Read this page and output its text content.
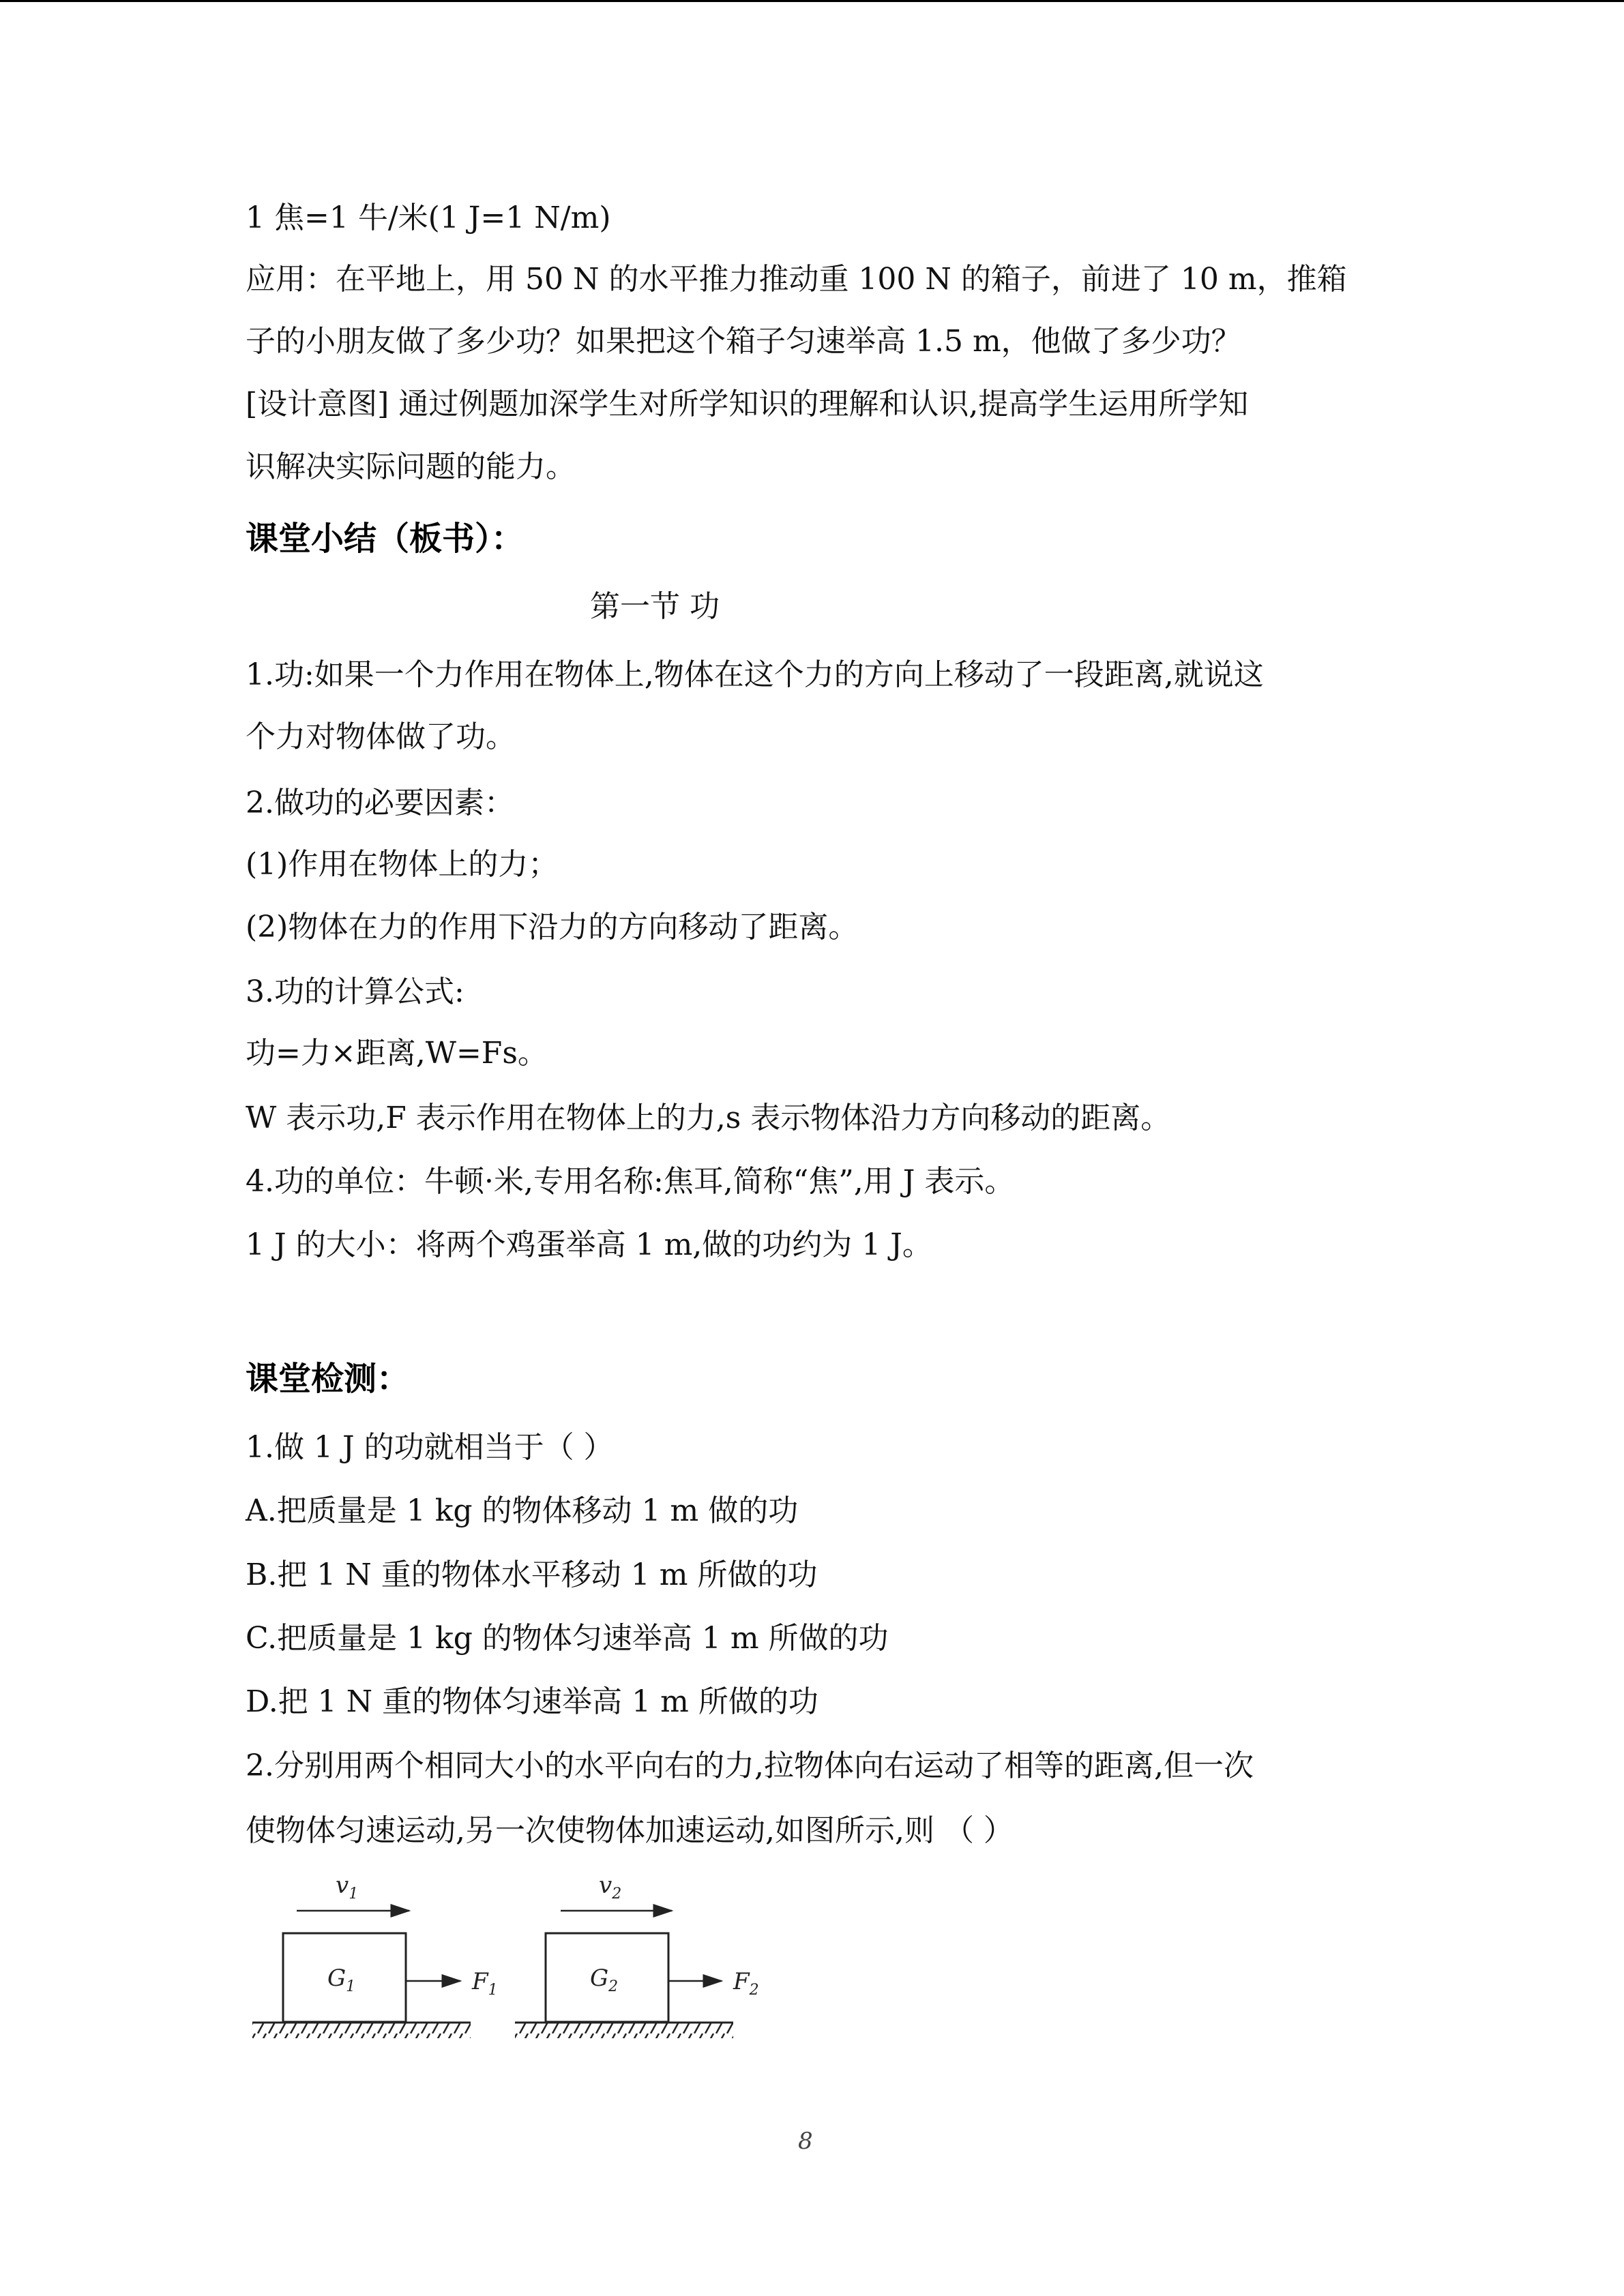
1 焦=1 牛/米(1 J=1 N/m)
应用：在平地上，用 50 N 的水平推力推动重 100 N 的箱子，前进了 10 m，推箱
子的小朋友做了多少功？如果把这个箱子匀速举高 1.5 m，他做了多少功？
[设计意图] 通过例题加深学生对所学知识的理解和认识,提高学生运用所学知
识解决实际问题的能力。
课堂小结（板书）：
第一节 功
1.功:如果一个力作用在物体上,物体在这个力的方向上移动了一段距离,就说这
个力对物体做了功。
2.做功的必要因素：
(1)作用在物体上的力；
(2)物体在力的作用下沿力的方向移动了距离。
3.功的计算公式:
功=力×距离,W=Fs。
W 表示功,F 表示作用在物体上的力,s 表示物体沿力方向移动的距离。
4.功的单位：牛顿·米,专用名称:焦耳,简称“焦”,用 J 表示。
1 J 的大小：将两个鸡蛋举高 1 m,做的功约为 1 J。
课堂检测：
1.做 1 J 的功就相当于（ ）
A.把质量是 1 kg 的物体移动 1 m 做的功
B.把 1 N 重的物体水平移动 1 m 所做的功
C.把质量是 1 kg 的物体匀速举高 1 m 所做的功
D.把 1 N 重的物体匀速举高 1 m 所做的功
2.分别用两个相同大小的水平向右的力,拉物体向右运动了相等的距离,但一次
使物体匀速运动,另一次使物体加速运动,如图所示,则 （ ）
$v_1$
$G_1$	$F_1$
$v_2$
$G_2$	$F_2$
8
